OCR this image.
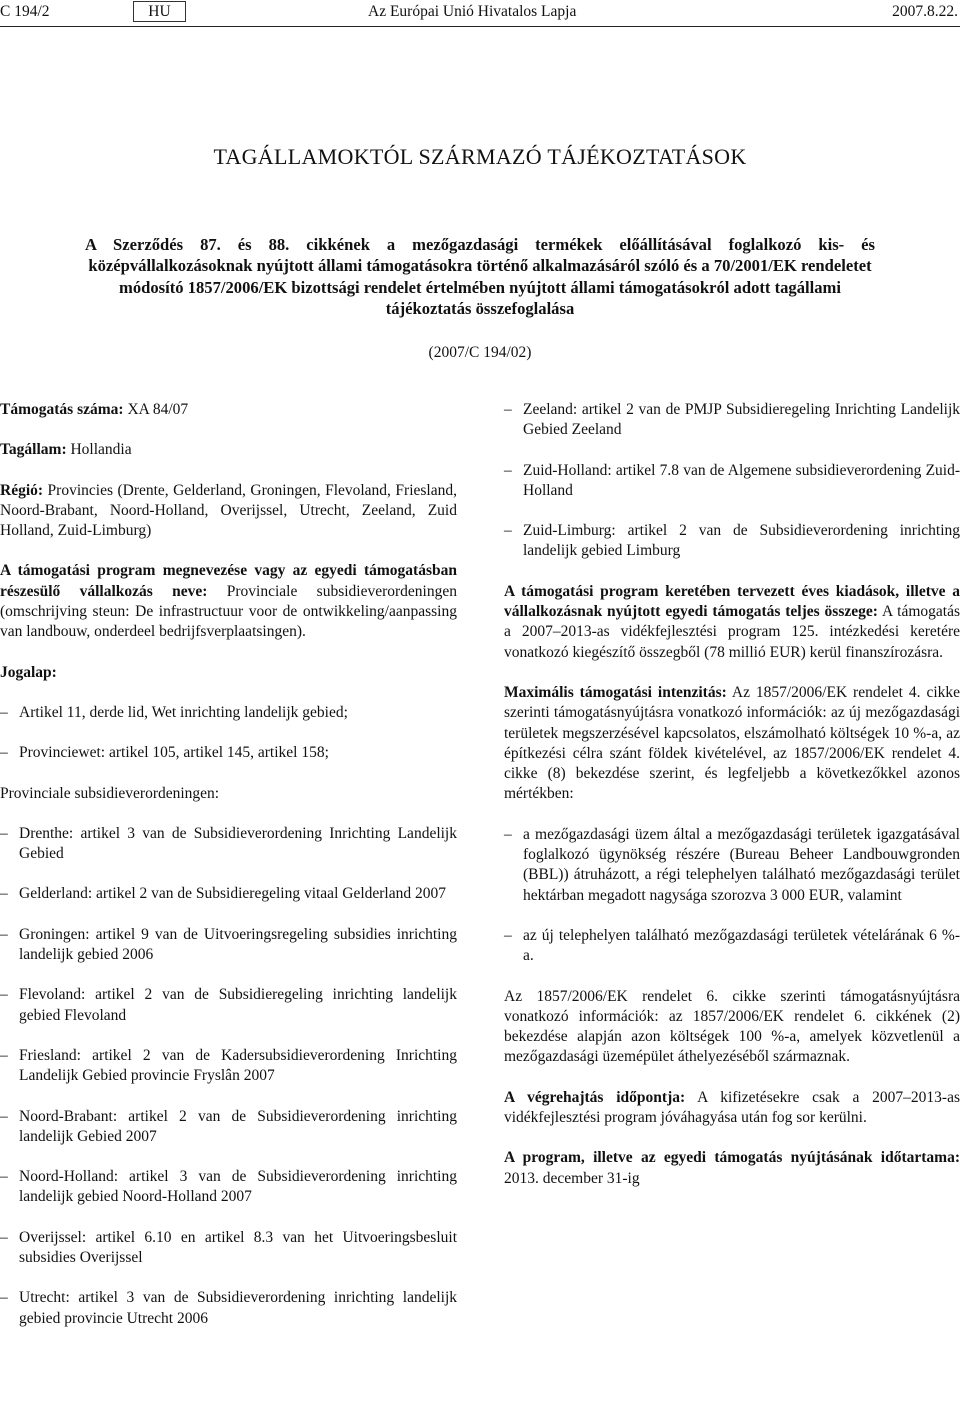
C 194/2	HU	Az Európai Unió Hivatalos Lapja	2007.8.22.
TAGÁLLAMOKTÓL SZÁRMAZÓ TÁJÉKOZTATÁSOK
A Szerződés 87. és 88. cikkének a mezőgazdasági termékek előállításával foglalkozó kis- és
középvállalkozásoknak nyújtott állami támogatásokra történő alkalmazásáról szóló és a 70/2001/EK rendeletet módosító 1857/2006/EK bizottsági rendelet értelmében nyújtott állami támogatásokról adott tagállami tájékoztatás összefoglalása
(2007/C 194/02)

Támogatás száma: XA 84/07

Tagállam: Hollandia

Régió: Provincies (Drente, Gelderland, Groningen, Flevoland, Friesland, Noord-Brabant, Noord-Holland, Overijssel, Utrecht, Zeeland, Zuid Holland, Zuid-Limburg)

A támogatási program megnevezése vagy az egyedi támogatásban részesülő vállalkozás neve: Provinciale subsidieverordeningen (omschrijving steun: De infrastructuur voor de ontwikkeling/aanpassing van landbouw, onderdeel bedrijfsverplaatsingen).

Jogalap:

– Artikel 11, derde lid, Wet inrichting landelijk gebied;

– Provinciewet: artikel 105, artikel 145, artikel 158;

Provinciale subsidieverordeningen:

– Drenthe: artikel 3 van de Subsidieverordening Inrichting Landelijk Gebied

– Gelderland: artikel 2 van de Subsidieregeling vitaal Gelderland 2007

– Groningen: artikel 9 van de Uitvoeringsregeling subsidies inrichting landelijk gebied 2006

– Flevoland: artikel 2 van de Subsidieregeling inrichting landelijk gebied Flevoland

– Friesland: artikel 2 van de Kadersubsidieverordening Inrichting Landelijk Gebied provincie Fryslân 2007

– Noord-Brabant: artikel 2 van de Subsidieverordening inrichting landelijk Gebied 2007

– Noord-Holland: artikel 3 van de Subsidieverordening inrichting landelijk gebied Noord-Holland 2007

– Overijssel: artikel 6.10 en artikel 8.3 van het Uitvoeringsbesluit subsidies Overijssel

– Utrecht: artikel 3 van de Subsidieverordening inrichting landelijk gebied provincie Utrecht 2006

– Zeeland: artikel 2 van de PMJP Subsidieregeling Inrichting Landelijk Gebied Zeeland

– Zuid-Holland: artikel 7.8 van de Algemene subsidieverordening Zuid-Holland

– Zuid-Limburg: artikel 2 van de Subsidieverordening inrichting landelijk gebied Limburg

A támogatási program keretében tervezett éves kiadások, illetve a vállalkozásnak nyújtott egyedi támogatás teljes összege: A támogatás a 2007–2013-as vidékfejlesztési program 125. intézkedési keretére vonatkozó kiegészítő összegből (78 millió EUR) kerül finanszírozásra.

Maximális támogatási intenzitás: Az 1857/2006/EK rendelet 4. cikke szerinti támogatásnyújtásra vonatkozó információk: az új mezőgazdasági területek megszerzésével kapcsolatos, elszámolható költségek 10 %-a, az építkezési célra szánt földek kivételével, az 1857/2006/EK rendelet 4. cikke (8) bekezdése szerint, és legfeljebb a következőkkel azonos mértékben:

– a mezőgazdasági üzem által a mezőgazdasági területek igazgatásával foglalkozó ügynökség részére (Bureau Beheer Landbouwgronden (BBL)) átruházott, a régi telephelyen található mezőgazdasági terület hektárban megadott nagysága szorozva 3 000 EUR, valamint

– az új telephelyen található mezőgazdasági területek vételárának 6 %-a.

Az 1857/2006/EK rendelet 6. cikke szerinti támogatásnyújtásra vonatkozó információk: az 1857/2006/EK rendelet 6. cikkének (2) bekezdése alapján azon költségek 100 %-a, amelyek közvetlenül a mezőgazdasági üzemépület áthelyezéséből származnak.

A végrehajtás időpontja: A kifizetésekre csak a 2007–2013-as vidékfejlesztési program jóváhagyása után fog sor kerülni.

A program, illetve az egyedi támogatás nyújtásának időtartama: 2013. december 31-ig
